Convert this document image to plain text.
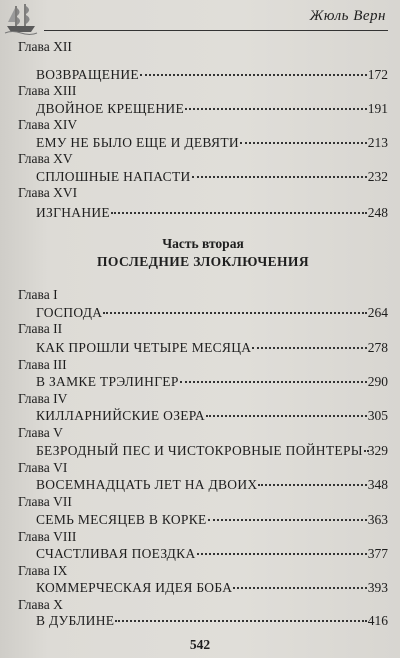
Жюль Верн
Глава XII
ВОЗВРАЩЕНИЕ	172
Глава XIII
ДВОЙНОЕ КРЕЩЕНИЕ	191
Глава XIV
ЕМУ НЕ БЫЛО ЕЩЕ И ДЕВЯТИ	213
Глава XV
СПЛОШНЫЕ НАПАСТИ	232
Глава XVI
ИЗГНАНИЕ	248
Часть вторая
ПОСЛЕДНИЕ ЗЛОКЛЮЧЕНИЯ
Глава I
ГОСПОДА	264
Глава II
КАК ПРОШЛИ ЧЕТЫРЕ МЕСЯЦА	278
Глава III
В ЗАМКЕ ТРЭЛИНГЕР	290
Глава IV
КИЛЛАРНИЙСКИЕ ОЗЕРА	305
Глава V
БЕЗРОДНЫЙ ПЕС И ЧИСТОКРОВНЫЕ ПОЙНТЕРЫ 329
Глава VI
ВОСЕМНАДЦАТЬ ЛЕТ НА ДВОИХ	348
Глава VII
СЕМЬ МЕСЯЦЕВ В КОРКЕ	363
Глава VIII
СЧАСТЛИВАЯ ПОЕЗДКА	377
Глава IX
КОММЕРЧЕСКАЯ ИДЕЯ БОБА	393
Глава X
В ДУБЛИНЕ	416
542
